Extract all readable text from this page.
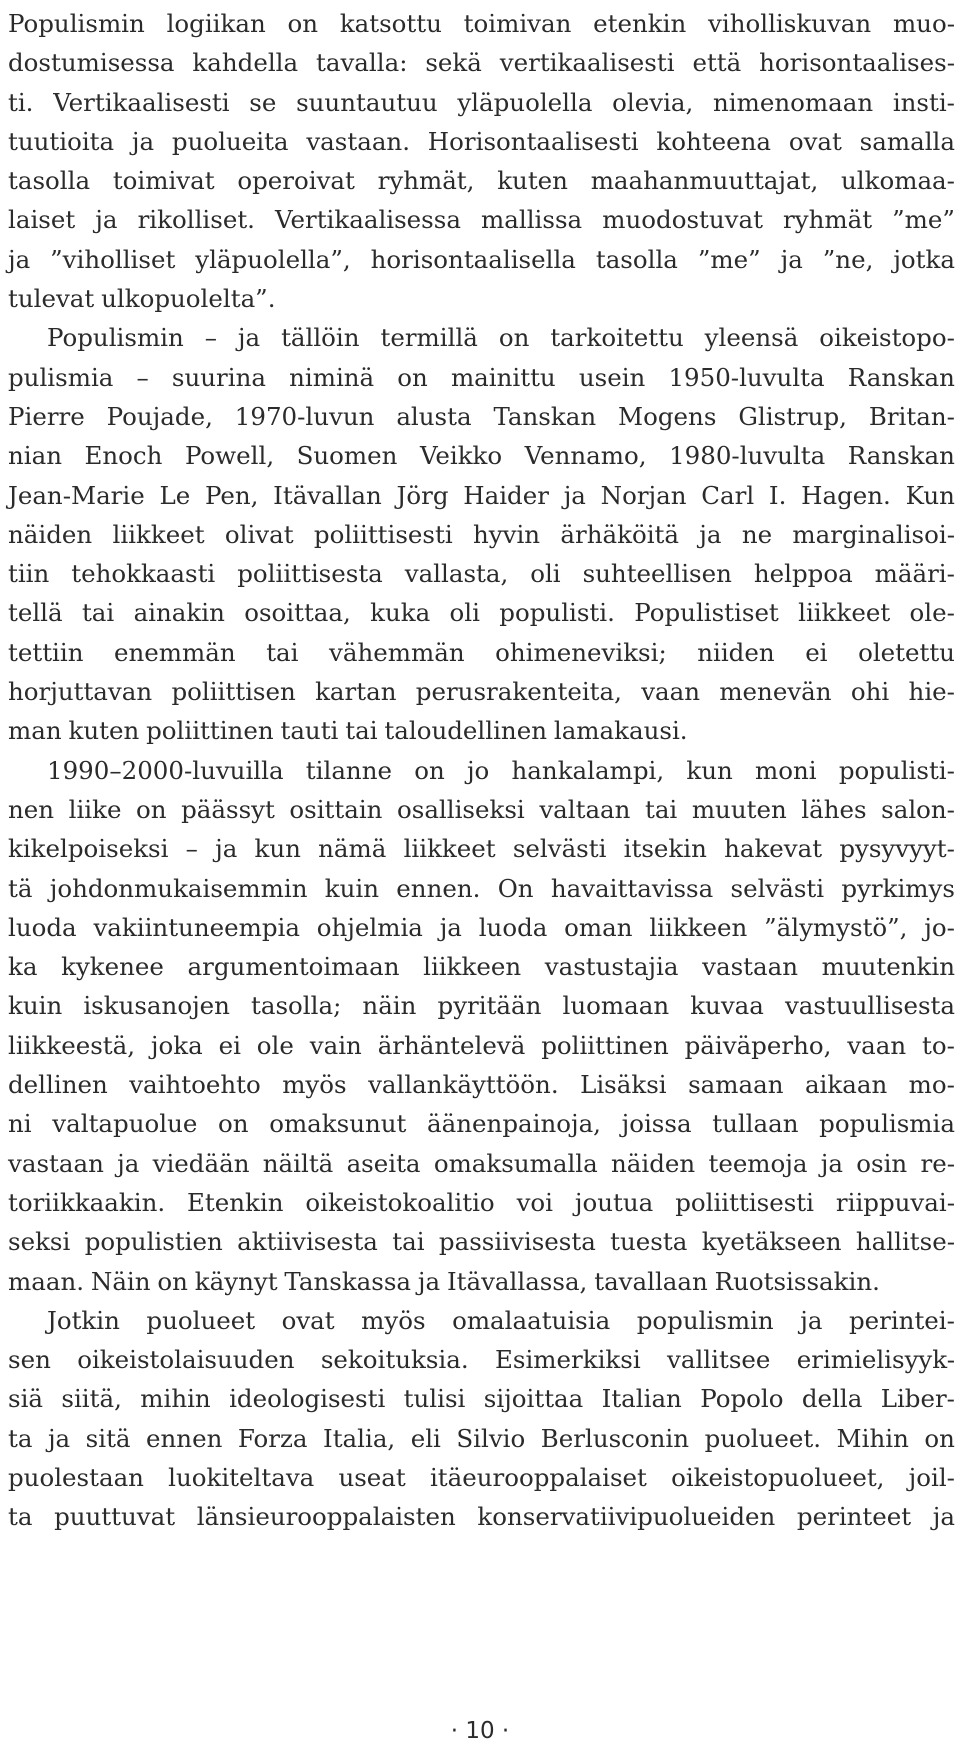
Populismin logiikan on katsottu toimivan etenkin viholliskuvan muo-
dostumisessa kahdella tavalla: sekä vertikaalisesti että horisontaalises-
ti. Vertikaalisesti se suuntautuu yläpuolella olevia, nimenomaan insti-
tuutioita ja puolueita vastaan. Horisontaalisesti kohteena ovat samalla
tasolla toimivat operoivat ryhmät, kuten maahanmuuttajat, ulkomaa-
laiset ja rikolliset. Vertikaalisessa mallissa muodostuvat ryhmät ”me”
ja ”viholliset yläpuolella”, horisontaalisella tasolla ”me” ja ”ne, jotka
tulevat ulkopuolelta”.
Populismin – ja tällöin termillä on tarkoitettu yleensä oikeistopo-
pulismia – suurina niminä on mainittu usein 1950-luvulta Ranskan
Pierre Poujade, 1970-luvun alusta Tanskan Mogens Glistrup, Britan-
nian Enoch Powell, Suomen Veikko Vennamo, 1980-luvulta Ranskan
Jean-Marie Le Pen, Itävallan Jörg Haider ja Norjan Carl I. Hagen. Kun
näiden liikkeet olivat poliittisesti hyvin ärhäköitä ja ne marginalisoi-
tiin tehokkaasti poliittisesta vallasta, oli suhteellisen helppoa määri-
tellä tai ainakin osoittaa, kuka oli populisti. Populistiset liikkeet ole-
tettiin enemmän tai vähemmän ohimeneviksi; niiden ei oletettu
horjuttavan poliittisen kartan perusrakenteita, vaan menevän ohi hie-
man kuten poliittinen tauti tai taloudellinen lamakausi.
1990–2000-luvuilla tilanne on jo hankalampi, kun moni populisti-
nen liike on päässyt osittain osalliseksi valtaan tai muuten lähes salon-
kikelpoiseksi – ja kun nämä liikkeet selvästi itsekin hakevat pysyvyyt-
tä johdonmukaisemmin kuin ennen. On havaittavissa selvästi pyrkimys
luoda vakiintuneempia ohjelmia ja luoda oman liikkeen ”älymystö”, jo-
ka kykenee argumentoimaan liikkeen vastustajia vastaan muutenkin
kuin iskusanojen tasolla; näin pyritään luomaan kuvaa vastuullisesta
liikkeestä, joka ei ole vain ärhäntelevä poliittinen päiväperho, vaan to-
dellinen vaihtoehto myös vallankäyttöön. Lisäksi samaan aikaan mo-
ni valtapuolue on omaksunut äänenpainoja, joissa tullaan populismia
vastaan ja viedään näiltä aseita omaksumalla näiden teemoja ja osin re-
toriikkaakin. Etenkin oikeistokoalitio voi joutua poliittisesti riippuvai-
seksi populistien aktiivisesta tai passiivisesta tuesta kyetäkseen hallitse-
maan. Näin on käynyt Tanskassa ja Itävallassa, tavallaan Ruotsissakin.
Jotkin puolueet ovat myös omalaatuisia populismin ja perintei-
sen oikeistolaisuuden sekoituksia. Esimerkiksi vallitsee erimielisyyk-
siä siitä, mihin ideologisesti tulisi sijoittaa Italian Popolo della Liber-
ta ja sitä ennen Forza Italia, eli Silvio Berlusconin puolueet. Mihin on
puolestaan luokiteltava useat itäeurooppalaiset oikeistopuolueet, joil-
ta puuttuvat länsieurooppalaisten konservatiivipuolueiden perinteet ja
· 10 ·
